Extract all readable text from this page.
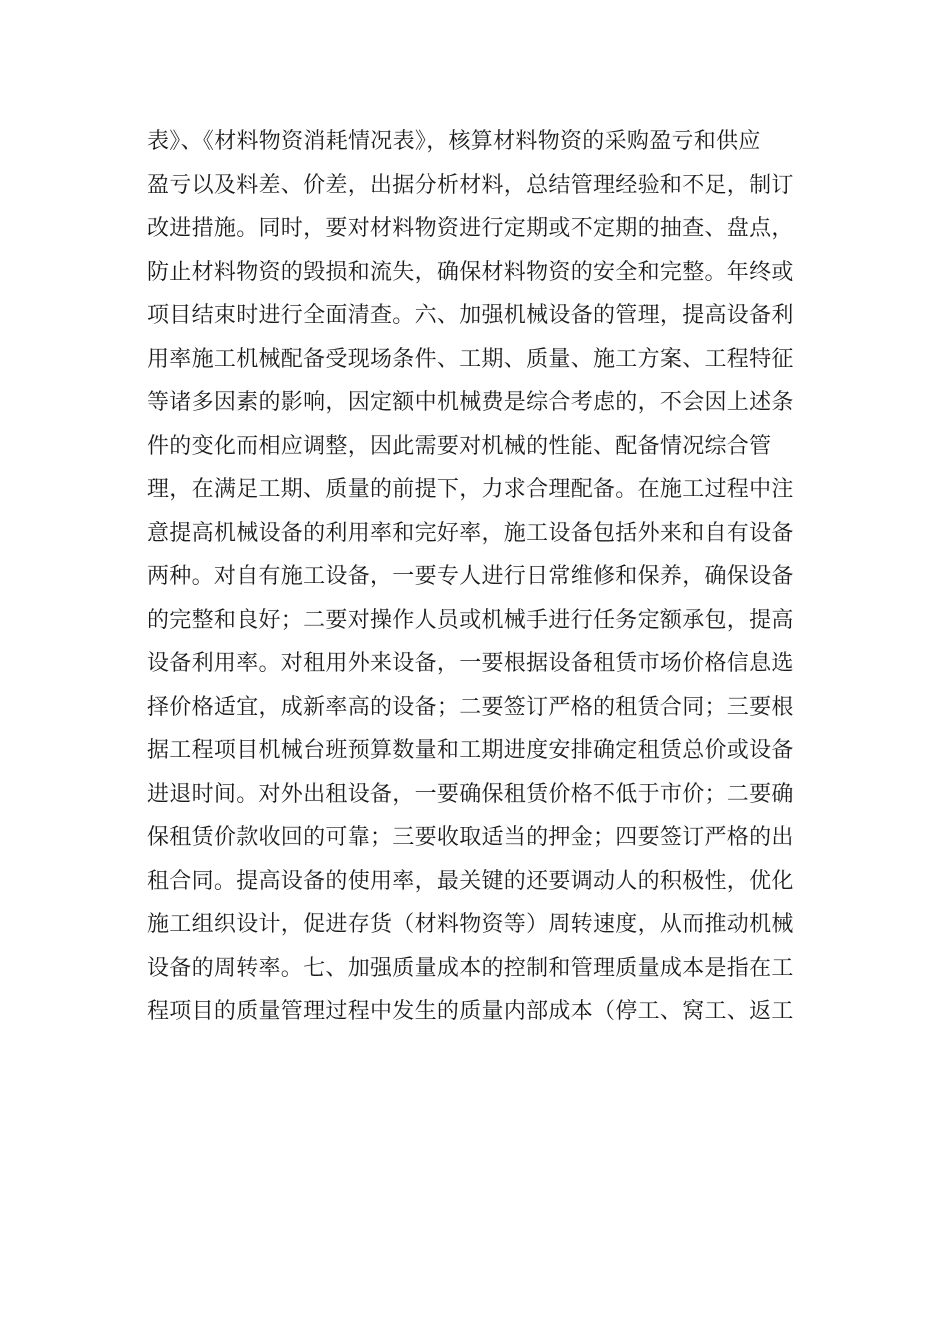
表》、《材料物资消耗情况表》，核算材料物资的采购盈亏和供应
盈亏以及料差、价差，出据分析材料，总结管理经验和不足，制订
改进措施。同时，要对材料物资进行定期或不定期的抽查、盘点，
防止材料物资的毁损和流失，确保材料物资的安全和完整。年终或
项目结束时进行全面清查。六、加强机械设备的管理，提高设备利
用率施工机械配备受现场条件、工期、质量、施工方案、工程特征
等诸多因素的影响，因定额中机械费是综合考虑的，不会因上述条
件的变化而相应调整，因此需要对机械的性能、配备情况综合管
理，在满足工期、质量的前提下，力求合理配备。在施工过程中注
意提高机械设备的利用率和完好率，施工设备包括外来和自有设备
两种。对自有施工设备，一要专人进行日常维修和保养，确保设备
的完整和良好；二要对操作人员或机械手进行任务定额承包，提高
设备利用率。对租用外来设备，一要根据设备租赁市场价格信息选
择价格适宜，成新率高的设备；二要签订严格的租赁合同；三要根
据工程项目机械台班预算数量和工期进度安排确定租赁总价或设备
进退时间。对外出租设备，一要确保租赁价格不低于市价；二要确
保租赁价款收回的可靠；三要收取适当的押金；四要签订严格的出
租合同。提高设备的使用率，最关键的还要调动人的积极性，优化
施工组织设计，促进存货（材料物资等）周转速度，从而推动机械
设备的周转率。七、加强质量成本的控制和管理质量成本是指在工
程项目的质量管理过程中发生的质量内部成本（停工、窝工、返工
